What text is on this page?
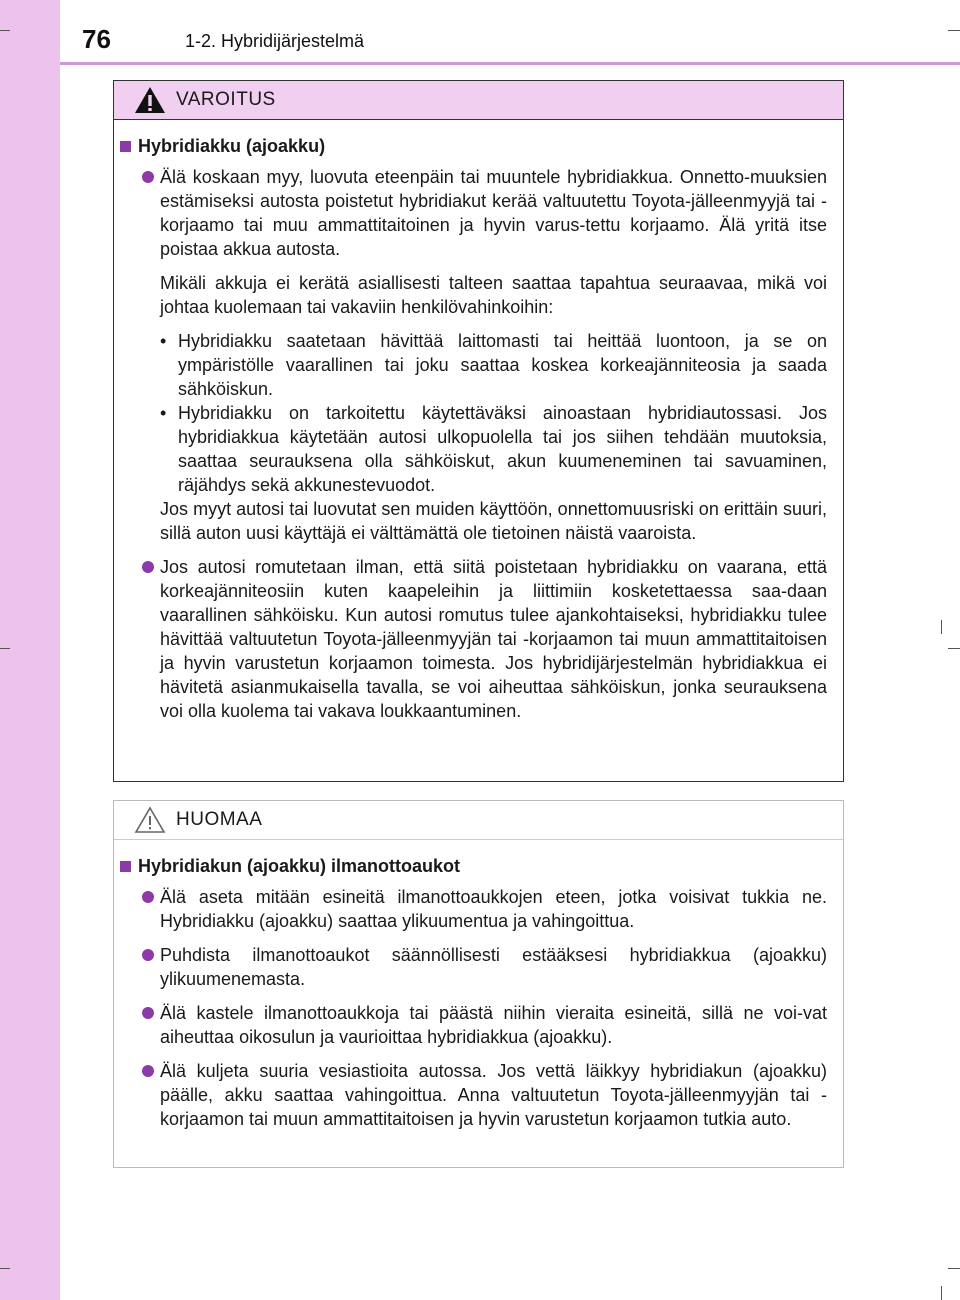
76	1-2. Hybridijärjestelmä
VAROITUS
Hybridiakku (ajoakku)

Älä koskaan myy, luovuta eteenpäin tai muuntele hybridiakkua. Onnetto-muuksien estämiseksi autosta poistetut hybridiakut kerää valtuutettu Toyota-jälleenmyyjä tai -korjaamo tai muu ammattitaitoinen ja hyvin varus-tettu korjaamo. Älä yritä itse poistaa akkua autosta.

Mikäli akkuja ei kerätä asiallisesti talteen saattaa tapahtua seuraavaa, mikä voi johtaa kuolemaan tai vakaviin henkilövahinkoihin:

• Hybridiakku saatetaan hävittää laittomasti tai heittää luontoon, ja se on ympäristölle vaarallinen tai joku saattaa koskea korkeajänniteosia ja saada sähköiskun.
• Hybridiakku on tarkoitettu käytettäväksi ainoastaan hybridiautossasi. Jos hybridiakkua käytetään autosi ulkopuolella tai jos siihen tehdään muutoksia, saattaa seurauksena olla sähköiskut, akun kuumeneminen tai savuaminen, räjähdys sekä akkunestevuodot.

Jos myyt autosi tai luovutat sen muiden käyttöön, onnettomuusriski on erittäin suuri, sillä auton uusi käyttäjä ei välttämättä ole tietoinen näistä vaaroista.

Jos autosi romutetaan ilman, että siitä poistetaan hybridiakku on vaarana, että korkeajänniteosiin kuten kaapeleihin ja liittimiin kosketettaessa saa-daan vaarallinen sähköisku. Kun autosi romutus tulee ajankohtaiseksi, hybridiakku tulee hävittää valtuutetun Toyota-jälleenmyyjän tai -korjaamon tai muun ammattitaitoisen ja hyvin varustetun korjaamon toimesta. Jos hybridijärjestelmän hybridiakkua ei hävitetä asianmukaisella tavalla, se voi aiheuttaa sähköiskun, jonka seurauksena voi olla kuolema tai vakava loukkaantuminen.

HUOMAA
Hybridiakun (ajoakku) ilmanottoaukot

Älä aseta mitään esineitä ilmanottoaukkojen eteen, jotka voisivat tukkia ne. Hybridiakku (ajoakku) saattaa ylikuumentua ja vahingoittua.

Puhdista ilmanottoaukot säännöllisesti estääksesi hybridiakkua (ajoakku) ylikuumenemasta.

Älä kastele ilmanottoaukkoja tai päästä niihin vieraita esineitä, sillä ne voi-vat aiheuttaa oikosulun ja vaurioittaa hybridiakkua (ajoakku).

Älä kuljeta suuria vesiastioita autossa. Jos vettä läikkyy hybridiakun (ajoakku) päälle, akku saattaa vahingoittua. Anna valtuutetun Toyota-jälleenmyyjän tai -korjaamon tai muun ammattitaitoisen ja hyvin varustetun korjaamon tutkia auto.
